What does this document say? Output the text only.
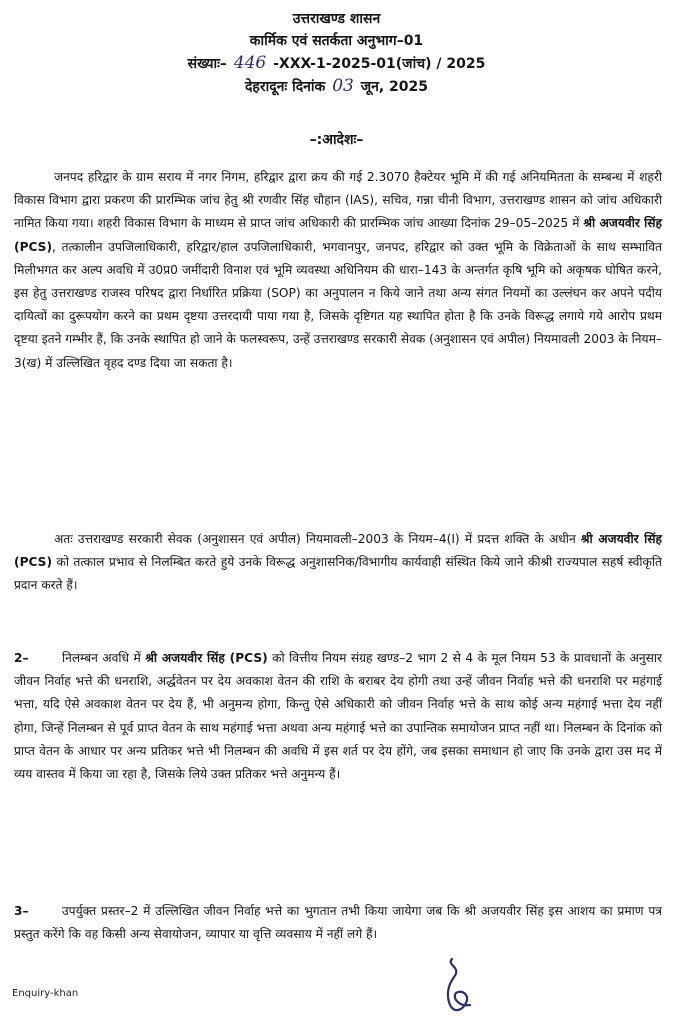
उत्तराखण्ड शासन
कार्मिक एवं सतर्कता अनुभाग–01
संख्याः– 446 -XXX-1-2025-01(जांच) / 2025
देहरादूनः दिनांक 03 जून, 2025
–:आदेशः–

जनपद हरिद्वार के ग्राम सराय में नगर निगम, हरिद्वार द्वारा क्रय की गई 2.3070 हैक्टेयर भूमि में की गई अनियमितता के सम्बन्ध में शहरी विकास विभाग द्वारा प्रकरण की प्रारम्भिक जांच हेतु श्री रणवीर सिंह चौहान (IAS), सचिव, गन्ना चीनी विभाग, उत्तराखण्ड शासन को जांच अधिकारी नामित किया गया। शहरी विकास विभाग के माध्यम से प्राप्त जांच अधिकारी की प्रारम्भिक जांच आख्या दिनांक 29–05–2025 में श्री अजयवीर सिंह (PCS), तत्कालीन उपजिलाधिकारी, हरिद्वार/हाल उपजिलाधिकारी, भगवानपुर, जनपद, हरिद्वार को उक्त भूमि के विक्रेताओं के साथ सम्भावित मिलीभगत कर अल्प अवधि में उ0प्र0 जमींदारी विनाश एवं भूमि व्यवस्था अधिनियम की धारा–143 के अन्तर्गत कृषि भूमि को अकृषक घोषित करने, इस हेतु उत्तराखण्ड राजस्व परिषद द्वारा निर्धारित प्रक्रिया (SOP) का अनुपालन न किये जाने तथा अन्य संगत नियमों का उल्लंघन कर अपने पदीय दायित्वों का दुरूपयोग करने का प्रथम दृष्टया उत्तरदायी पाया गया है, जिसके दृष्टिगत यह स्थापित होता है कि उनके विरूद्ध लगाये गये आरोप प्रथम दृष्टया इतने गम्भीर हैं, कि उनके स्थापित हो जाने के फलस्वरूप, उन्हें उत्तराखण्ड सरकारी सेवक (अनुशासन एवं अपील) नियमावली 2003 के नियम–3(ख) में उल्लिखित वृहद दण्ड दिया जा सकता है।

अतः उत्तराखण्ड सरकारी सेवक (अनुशासन एवं अपील) नियमावली–2003 के नियम–4(I) में प्रदत्त शक्ति के अधीन श्री अजयवीर सिंह (PCS) को तत्काल प्रभाव से निलम्बित करते हुये उनके विरूद्ध अनुशासनिक/विभागीय कार्यवाही संस्थित किये जाने कीश्री राज्यपाल सहर्ष स्वीकृति प्रदान करते हैं।

2–	निलम्बन अवधि में श्री अजयवीर सिंह (PCS) को वित्तीय नियम संग्रह खण्ड–2 भाग 2 से 4 के मूल नियम 53 के प्रावधानों के अनुसार जीवन निर्वाह भत्ते की धनराशि, अर्द्धवेतन पर देय अवकाश वेतन की राशि के बराबर देय होगी तथा उन्हें जीवन निर्वाह भत्ते की धनराशि पर महंगाई भत्ता, यदि ऐसे अवकाश वेतन पर देय हैं, भी अनुमन्य होगा, किन्तु ऐसे अधिकारी को जीवन निर्वाह भत्ते के साथ कोई अन्य महंगाई भत्ता देय नहीं होगा, जिन्हें निलम्बन से पूर्व प्राप्त वेतन के साथ महंगाई भत्ता अथवा अन्य महंगाई भत्ते का उपान्तिक समायोजन प्राप्त नहीं था। निलम्बन के दिनांक को प्राप्त वेतन के आधार पर अन्य प्रतिकर भत्ते भी निलम्बन की अवधि में इस शर्त पर देय होंगे, जब इसका समाधान हो जाए कि उनके द्वारा उस मद में व्यय वास्तव में किया जा रहा है, जिसके लिये उक्त प्रतिकर भत्ते अनुमन्य हैं।

3–	उपर्युक्त प्रस्तर–2 में उल्लिखित जीवन निर्वाह भत्ते का भुगतान तभी किया जायेगा जब कि श्री अजयवीर सिंह इस आशय का प्रमाण पत्र प्रस्तुत करेंगे कि वह किसी अन्य सेवायोजन, व्यापार या वृत्ति व्यवसाय में नहीं लगे हैं।

Enquiry-khan
